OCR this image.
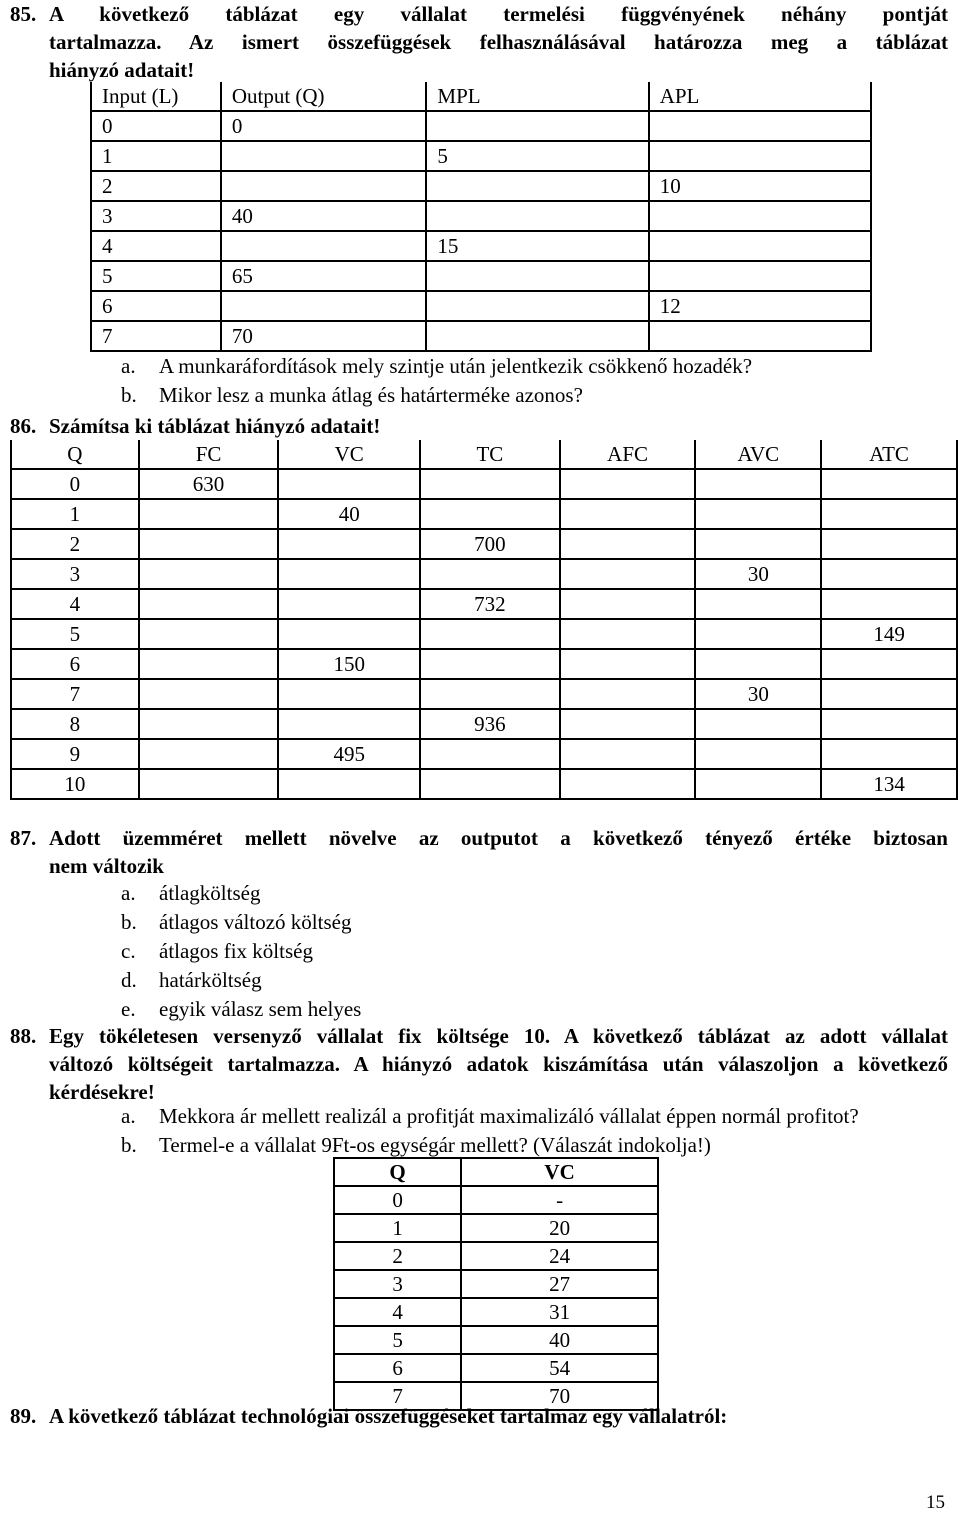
85. A következő táblázat egy vállalat termelési függvényének néhány pontját
tartalmazza. Az ismert összefüggések felhasználásával határozza meg a táblázat
hiányzó adatait!
Input (L)	Output (Q)	MPL	APL
0	0		
1		5	
2			10
3	40		
4		15	
5	65		
6			12
7	70		
a.	A munkaráfordítások mely szintje után jelentkezik csökkenő hozadék?
b.	Mikor lesz a munka átlag és határterméke azonos?
86. Számítsa ki táblázat hiányzó adatait!
Q	FC	VC	TC	AFC	AVC	ATC
0	630					
1		40				
2			700			
3					30	
4			732			
5						149
6		150				
7					30	
8			936			
9		495				
10						134
87. Adott üzemméret mellett növelve az outputot a következő tényező értéke biztosan
nem változik
a.	átlagköltség
b.	átlagos változó költség
c.	átlagos fix költség
d.	határköltség
e.	egyik válasz sem helyes
88. Egy tökéletesen versenyző vállalat fix költsége 10. A következő táblázat az adott vállalat
változó költségeit tartalmazza. A hiányzó adatok kiszámítása után válaszoljon a következő
kérdésekre!
a.	Mekkora ár mellett realizál a profitját maximalizáló vállalat éppen normál profitot?
b.	Termel-e a vállalat 9Ft-os egységár mellett? (Válaszát indokolja!)
Q	VC
0	-
1	20
2	24
3	27
4	31
5	40
6	54
7	70
89. A következő táblázat technológiai összefüggéseket tartalmaz egy vállalatról:
15
